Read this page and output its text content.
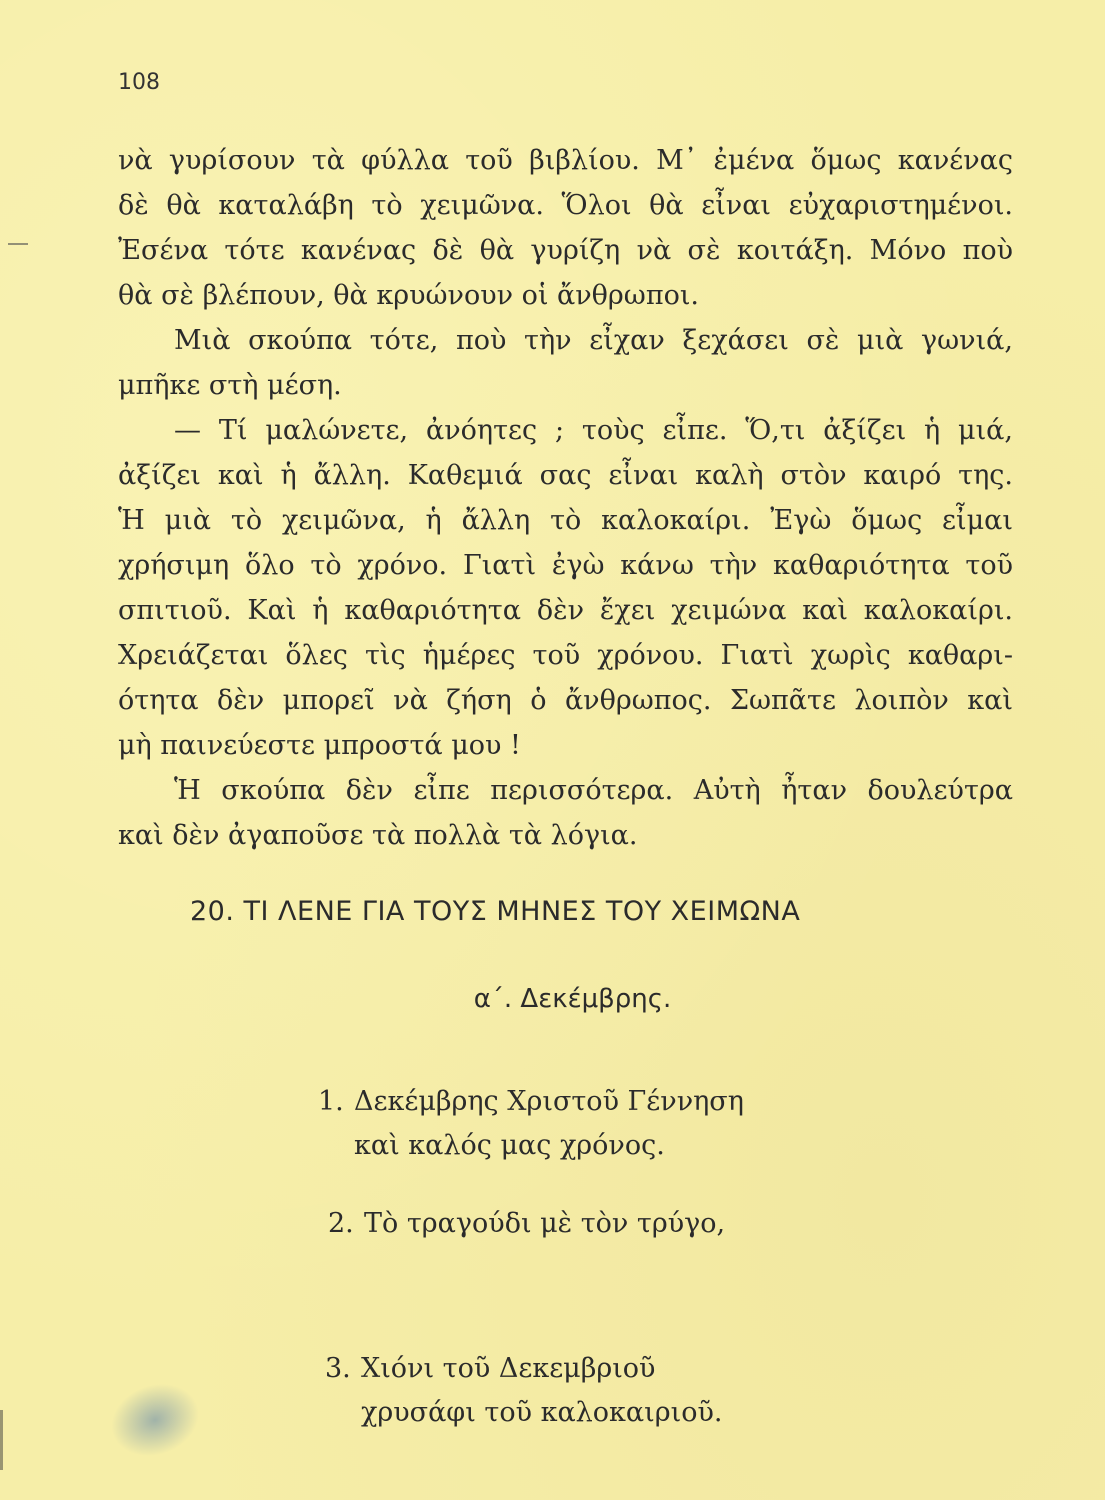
108
νὰ γυρίσουν τὰ φύλλα τοῦ βιβλίου. Μ᾿ ἐμένα ὅμως κανένας
δὲ θὰ καταλάβη τὸ χειμῶνα. Ὅλοι θὰ εἶναι εὐχαριστημένοι.
Ἐσένα τότε κανένας δὲ θὰ γυρίζη νὰ σὲ κοιτάξη. Μόνο ποὺ
θὰ σὲ βλέπουν, θὰ κρυώνουν οἱ ἄνθρωποι.
Μιὰ σκούπα τότε, ποὺ τὴν εἶχαν ξεχάσει σὲ μιὰ γωνιά,
μπῆκε στὴ μέση.
— Τί μαλώνετε, ἀνόητες ; τοὺς εἶπε. Ὅ,τι ἀξίζει ἡ μιά,
ἀξίζει καὶ ἡ ἄλλη. Καθεμιά σας εἶναι καλὴ στὸν καιρό της.
Ἡ μιὰ τὸ χειμῶνα, ἡ ἄλλη τὸ καλοκαίρι. Ἐγὼ ὅμως εἶμαι
χρήσιμη ὅλο τὸ χρόνο. Γιατὶ ἐγὼ κάνω τὴν καθαριότητα τοῦ
σπιτιοῦ. Καὶ ἡ καθαριότητα δὲν ἔχει χειμώνα καὶ καλοκαίρι.
Χρειάζεται ὅλες τὶς ἡμέρες τοῦ χρόνου. Γιατὶ χωρὶς καθαρι-
ότητα δὲν μπορεῖ νὰ ζήση ὁ ἄνθρωπος. Σωπᾶτε λοιπὸν καὶ
μὴ παινεύεστε μπροστά μου !
Ἡ σκούπα δὲν εἶπε περισσότερα. Αὐτὴ ἦταν δουλεύτρα
καὶ δὲν ἀγαποῦσε τὰ πολλὰ τὰ λόγια.
20. ΤΙ ΛΕΝΕ ΓΙΑ ΤΟΥΣ ΜΗΝΕΣ ΤΟΥ ΧΕΙΜΩΝΑ
α΄. Δεκέμβρης.
1. Δεκέμβρης Χριστοῦ Γέννηση
καὶ καλός μας χρόνος.
2. Τὸ τραγούδι μὲ τὸν τρύγο,
3. Χιόνι τοῦ Δεκεμβριοῦ
χρυσάφι τοῦ καλοκαιριοῦ.
